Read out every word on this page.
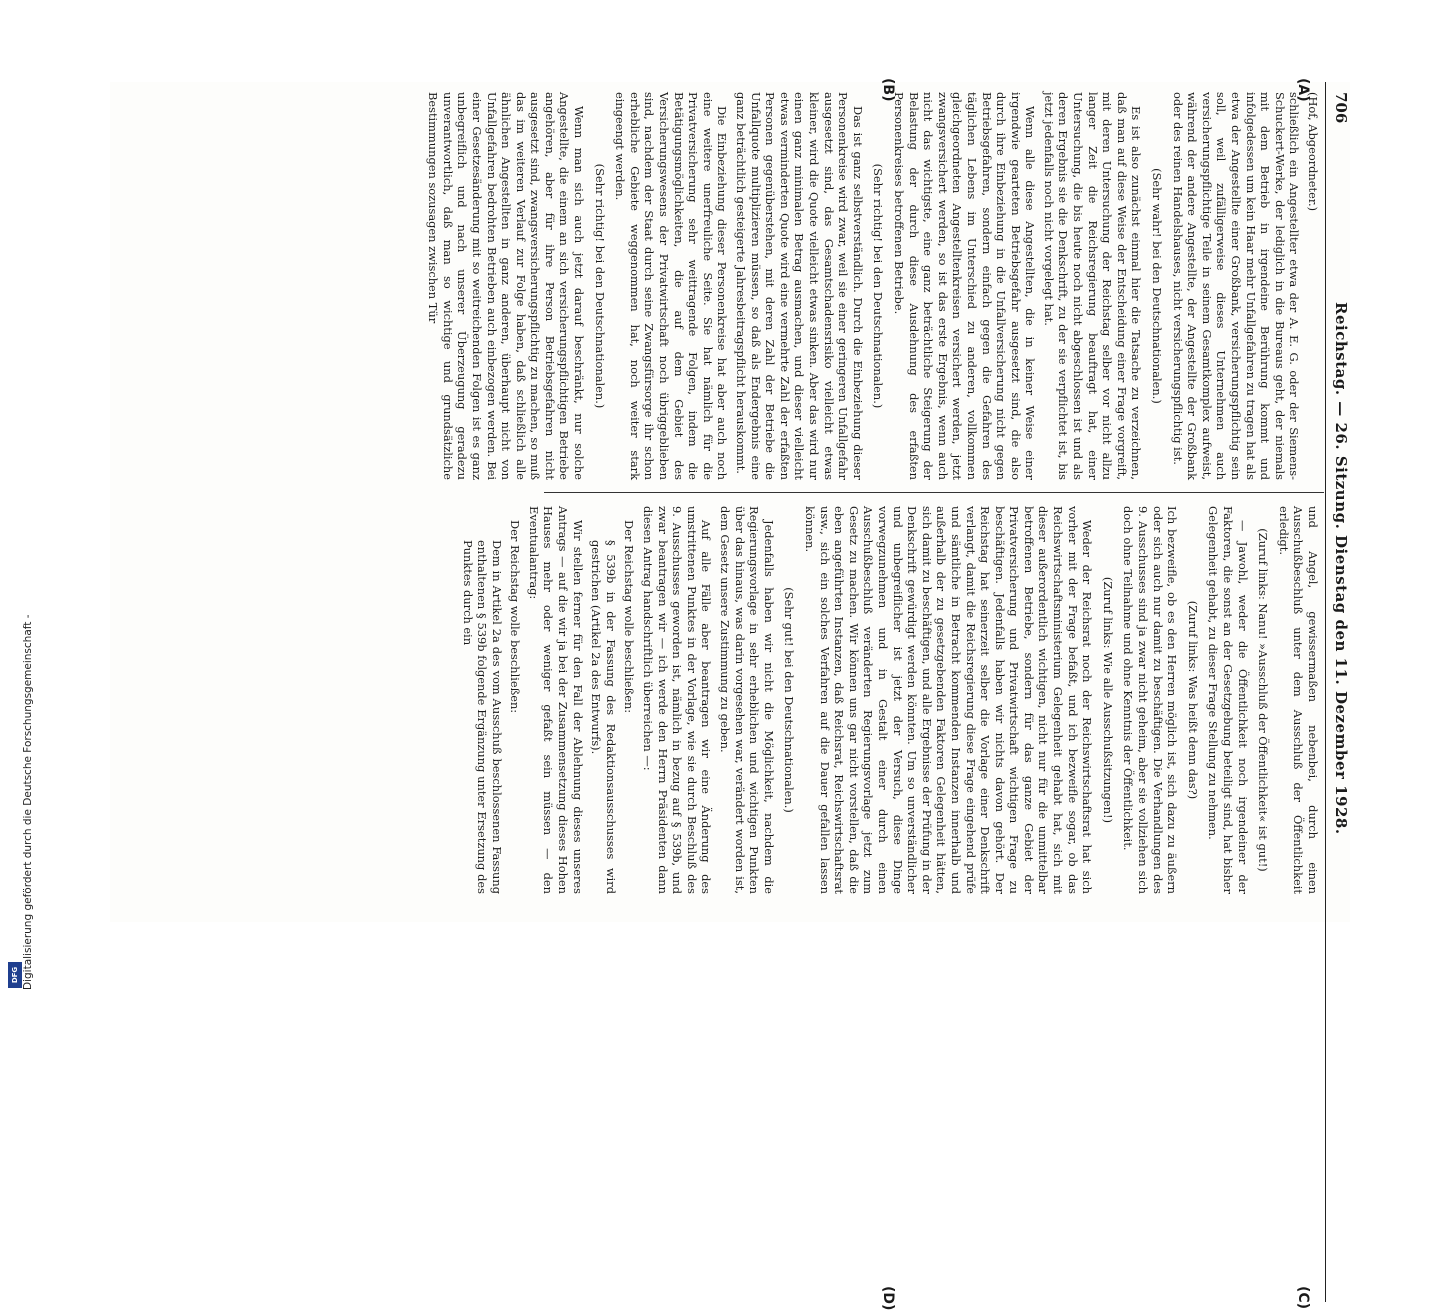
DFG Digitalisierung gefördert durch die Deutsche Forschungsgemeinschaft -
706
Reichstag. — 26. Sitzung. Dienstag den 11. Dezember 1928.
(A)
(B)
(C)
(D)

(Hof, Abgeordneter.)

schließlich ein Angestellter etwa der A. E. G. oder der Siemens-Schuckert-Werke, der lediglich in die Bureaus geht, der niemals mit dem Betrieb in irgendeine Berührung kommt und infolgedessen um kein Haar mehr Unfallgefahren zu tragen hat als etwa der Angestellte einer Großbank, versicherungspflichtig sein soll, weil zufälligerweise dieses Unternehmen auch versicherungspflichtige Teile in seinem Gesamtkomplex aufweist, während der andere Angestellte, der Angestellte der Großbank oder des reinen Handelshauses, nicht versicherungspflichtig ist.

(Sehr wahr! bei den Deutschnationalen.)

Es ist also zunächst einmal hier die Tatsache zu verzeichnen, daß man auf diese Weise der Entscheidung einer Frage vorgreift, mit deren Untersuchung der Reichstag selber vor nicht allzu langer Zeit die Reichsregierung beauftragt hat, einer Untersuchung, die bis heute noch nicht abgeschlossen ist und als deren Ergebnis sie die Denkschrift, zu der sie verpflichtet ist, bis jetzt jedenfalls noch nicht vorgelegt hat.

Wenn alle diese Angestellten, die in keiner Weise einer irgendwie gearteten Betriebsgefahr ausgesetzt sind, die also durch ihre Einbeziehung in die Unfallversicherung nicht gegen Betriebsgefahren, sondern einfach gegen die Gefahren des täglichen Lebens im Unterschied zu anderen, vollkommen gleichgeordneten Angestelltenkreisen versichert werden, jetzt zwangsversichert werden, so ist das erste Ergebnis, wenn auch nicht das wichtigste, eine ganz beträchtliche Steigerung der Belastung der durch diese Ausdehnung des erfaßten Personenkreises betroffenen Betriebe.

(Sehr richtig! bei den Deutschnationalen.)

Das ist ganz selbstverständlich. Durch die Einbeziehung dieser Personenkreise wird zwar, weil sie einer geringeren Unfallgefahr ausgesetzt sind, das Gesamtschadensrisiko vielleicht etwas kleiner, wird die Quote vielleicht etwas sinken. Aber das wird nur einen ganz minimalen Betrag ausmachen, und dieser vielleicht etwas verminderten Quote wird eine vermehrte Zahl der erfaßten Personen gegenüberstehen, mit deren Zahl der Betriebe die Unfallquote multiplizieren müssen, so daß als Endergebnis eine ganz beträchtlich gesteigerte Jahresbeitragspflicht herauskommt.

Die Einbeziehung dieser Personenkreise hat aber auch noch eine weitere unerfreuliche Seite. Sie hat nämlich für die Privatversicherung sehr weittragende Folgen, indem die Betätigungsmöglichkeiten, die auf dem Gebiet des Versicherungswesens der Privatwirtschaft noch übriggeblieben sind, nachdem der Staat durch seine Zwangsfürsorge ihr schon erhebliche Gebiete weggenommen hat, noch weiter stark eingeengt werden.

(Sehr richtig! bei den Deutschnationalen.)

Wenn man sich auch jetzt darauf beschränkt, nur solche Angestellte, die einem an sich versicherungspflichtigen Betriebe angehören, aber für ihre Person Betriebsgefahren nicht ausgesetzt sind, zwangsversicherungspflichtig zu machen, so muß das im weiteren Verlauf zur Folge haben, daß schließlich alle ähnlichen Angestellten in ganz anderen, überhaupt nicht von Unfallgefahren bedrohten Betrieben auch einbezogen werden. Bei einer Gesetzesänderung mit so weitreichenden Folgen ist es ganz unbegreiflich und nach unserer Überzeugung geradezu unverantwortlich, daß man so wichtige und grundsätzliche Bestimmungen sozusagen zwischen Tür

und Angel, gewissermaßen nebenbei, durch einen Ausschußbeschluß unter dem Ausschluß der Öffentlichkeit erledigt.

(Zuruf links: Nanu! »Ausschluß der Öffentlichkeit« ist gut!)

— Jawohl, weder die Öffentlichkeit noch irgendeiner der Faktoren, die sonst an der Gesetzgebung beteiligt sind, hat bisher Gelegenheit gehabt, zu dieser Frage Stellung zu nehmen.

(Zuruf links: Was heißt denn das?)

Ich bezweifle, ob es den Herren möglich ist, sich dazu zu äußern oder sich auch nur damit zu beschäftigen. Die Verhandlungen des 9. Ausschusses sind ja zwar nicht geheim, aber sie vollziehen sich doch ohne Teilnahme und ohne Kenntnis der Öffentlichkeit.

(Zuruf links: Wie alle Ausschußsitzungen!)

Weder der Reichsrat noch der Reichswirtschaftsrat hat sich vorher mit der Frage befaßt, und ich bezweifle sogar, ob das Reichswirtschaftsministerium Gelegenheit gehabt hat, sich mit dieser außerordentlich wichtigen, nicht nur für die unmittelbar betroffenen Betriebe, sondern für das ganze Gebiet der Privatversicherung und Privatwirtschaft wichtigen Frage zu beschäftigen. Jedenfalls haben wir nichts davon gehört. Der Reichstag hat seinerzeit selber die Vorlage einer Denkschrift verlangt, damit die Reichsregierung diese Frage eingehend prüfe und sämtliche in Betracht kommenden Instanzen innerhalb und außerhalb der zu gesetzgebenden Faktoren Gelegenheit hätten, sich damit zu beschäftigen, und alle Ergebnisse der Prüfung in der Denkschrift gewürdigt werden könnten. Um so unverständlicher und unbegreiflicher ist jetzt der Versuch, diese Dinge vorwegzunehmen und in Gestalt einer durch einen Ausschußbeschluß veränderten Regierungsvorlage jetzt zum Gesetz zu machen. Wir können uns gar nicht vorstellen, daß die eben angeführten Instanzen, daß Reichsrat, Reichswirtschaftsrat usw., sich ein solches Verfahren auf die Dauer gefallen lassen können.

(Sehr gut! bei den Deutschnationalen.)

Jedenfalls haben wir nicht die Möglichkeit, nachdem die Regierungsvorlage in sehr erheblichen und wichtigen Punkten über das hinaus, was darin vorgesehen war, verändert worden ist, dem Gesetz unsere Zustimmung zu geben.

Auf alle Fälle aber beantragen wir eine Änderung des umstrittenen Punktes in der Vorlage, wie sie durch Beschluß des 9. Ausschusses geworden ist, nämlich in bezug auf § 539b, und zwar beantragen wir — ich werde den Herrn Präsidenten dann diesen Antrag handschriftlich überreichen —:

Der Reichstag wolle beschließen:

§ 539b in der Fassung des Redaktionsausschusses wird gestrichen (Artikel 2a des Entwurfs).

Wir stellen ferner für den Fall der Ablehnung dieses unseres Antrags — auf die wir ja bei der Zusammensetzung dieses Hohen Hauses mehr oder weniger gefaßt sein müssen — den Eventualantrag:

Der Reichstag wolle beschließen:

Dem in Artikel 2a des vom Ausschuß beschlossenen Fassung enthaltenen § 539b folgende Ergänzung unter Ersetzung des Punktes durch ein
